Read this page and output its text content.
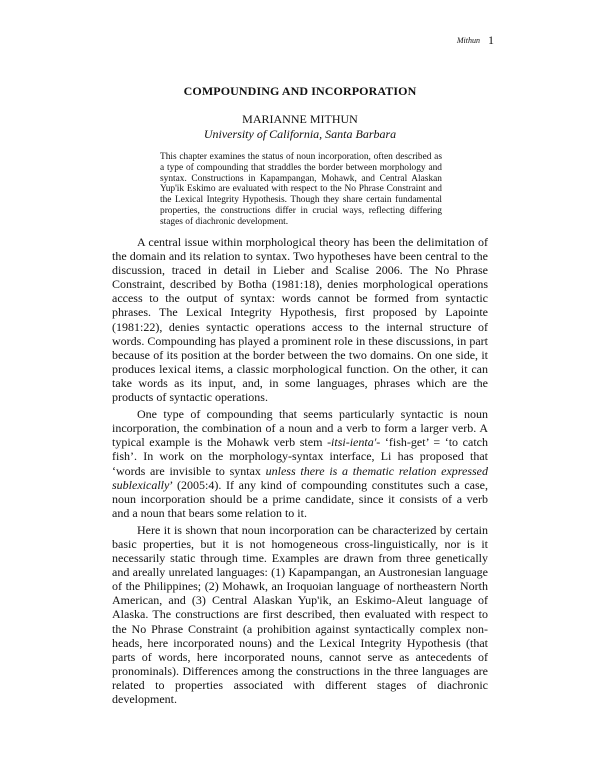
Mithun 1
COMPOUNDING AND INCORPORATION
MARIANNE MITHUN
University of California, Santa Barbara
This chapter examines the status of noun incorporation, often described as a type of compounding that straddles the border between morphology and syntax. Constructions in Kapampangan, Mohawk, and Central Alaskan Yup'ik Eskimo are evaluated with respect to the No Phrase Constraint and the Lexical Integrity Hypothesis. Though they share certain fundamental properties, the constructions differ in crucial ways, reflecting differing stages of diachronic development.

A central issue within morphological theory has been the delimitation of the domain and its relation to syntax. Two hypotheses have been central to the discussion, traced in detail in Lieber and Scalise 2006. The No Phrase Constraint, described by Botha (1981:18), denies morphological operations access to the output of syntax: words cannot be formed from syntactic phrases. The Lexical Integrity Hypothesis, first proposed by Lapointe (1981:22), denies syntactic operations access to the internal structure of words. Compounding has played a prominent role in these discussions, in part because of its position at the border between the two domains. On one side, it produces lexical items, a classic morphological function. On the other, it can take words as its input, and, in some languages, phrases which are the products of syntactic operations.

One type of compounding that seems particularly syntactic is noun incorporation, the combination of a noun and a verb to form a larger verb. A typical example is the Mohawk verb stem -itsi-ienta'- ‘fish-get’ = ‘to catch fish’. In work on the morphology-syntax interface, Li has proposed that ‘words are invisible to syntax unless there is a thematic relation expressed sublexically’ (2005:4). If any kind of compounding constitutes such a case, noun incorporation should be a prime candidate, since it consists of a verb and a noun that bears some relation to it.

Here it is shown that noun incorporation can be characterized by certain basic properties, but it is not homogeneous cross-linguistically, nor is it necessarily static through time. Examples are drawn from three genetically and areally unrelated languages: (1) Kapampangan, an Austronesian language of the Philippines; (2) Mohawk, an Iroquoian language of northeastern North American, and (3) Central Alaskan Yup'ik, an Eskimo-Aleut language of Alaska. The constructions are first described, then evaluated with respect to the No Phrase Constraint (a prohibition against syntactically complex non-heads, here incorporated nouns) and the Lexical Integrity Hypothesis (that parts of words, here incorporated nouns, cannot serve as antecedents of pronominals). Differences among the constructions in the three languages are related to properties associated with different stages of diachronic development.
